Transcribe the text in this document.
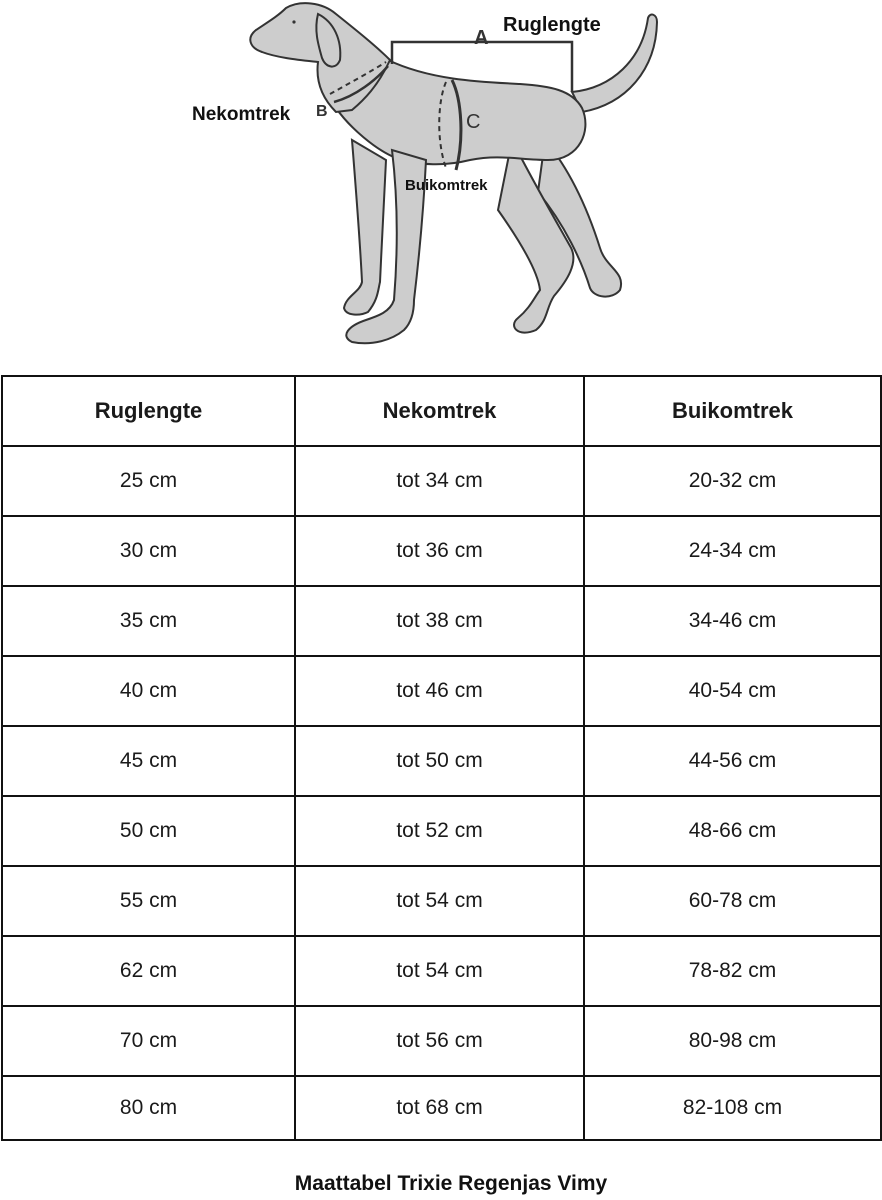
A
B	C
Ruglengte
Nekomtrek
Buikomtrek
Ruglengte	Nekomtrek	Buikomtrek
25 cm	tot 34 cm	20-32 cm
30 cm	tot 36 cm	24-34 cm
35 cm	tot 38 cm	34-46 cm
40 cm	tot 46 cm	40-54 cm
45 cm	tot 50 cm	44-56 cm
50 cm	tot 52 cm	48-66 cm
55 cm	tot 54 cm	60-78 cm
62 cm	tot 54 cm	78-82 cm
70 cm	tot 56 cm	80-98 cm
80 cm	tot 68 cm	82-108 cm
Maattabel Trixie Regenjas Vimy
